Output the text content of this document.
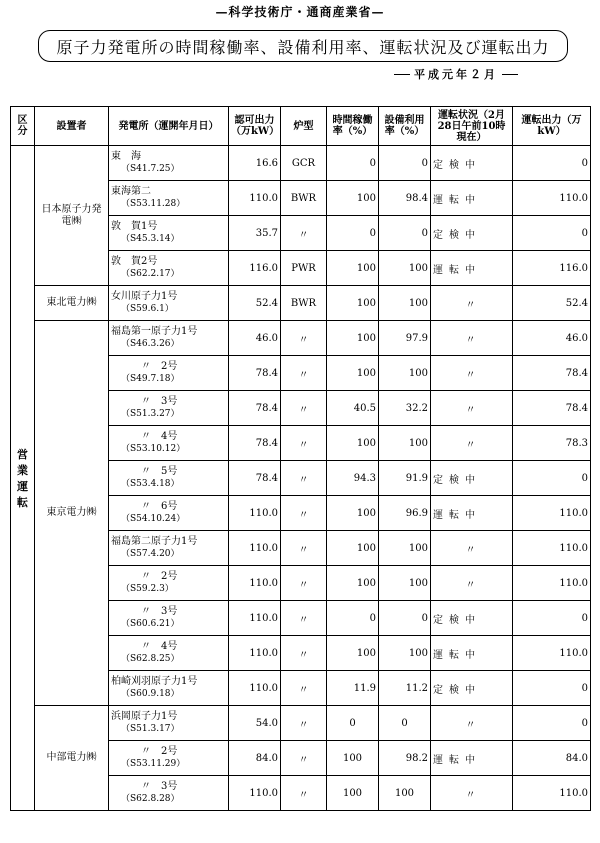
—科学技術庁・通商産業省—
原子力発電所の時間稼働率、設備利用率、運転状況及び運転出力
平成元年２月
区分	設置者	発電所（運開年月日）	認可出力（万kW）	炉型	時間稼働率（%）	設備利用率（%）	運転状況（2月28日午前10時現在）	運転出力（万kW）
営業運転	日本原子力発電㈱	東　海
（S41.7.25）	16.6	GCR	0	0	定検中	0
		東海第二
（S53.11.28）	110.0	BWR	100	98.4	運転中	110.0
		敦　賀1号
（S45.3.14）	35.7	〃	0	0	定検中	0
		敦　賀2号
（S62.2.17）	116.0	PWR	100	100	運転中	116.0
	東北電力㈱	女川原子力1号
（S59.6.1）	52.4	BWR	100	100	〃	52.4
	東京電力㈱	福島第一原子力1号
（S46.3.26）	46.0	〃	100	97.9	〃	46.0

		〃　2号
（S49.7.18）	78.4	〃	100	100	〃	78.4

		〃　3号
（S51.3.27）	78.4	〃	40.5	32.2	〃	78.4

		〃　4号
（S53.10.12）	78.4	〃	100	100	〃	78.3

		〃　5号
（S53.4.18）	78.4	〃	94.3	91.9	定検中	0

		〃　6号
（S54.10.24）	110.0	〃	100	96.9	運転中	110.0
		福島第二原子力1号
（S57.4.20）	110.0	〃	100	100	〃	110.0

		〃　2号
（S59.2.3）	110.0	〃	100	100	〃	110.0

		〃　3号
（S60.6.21）	110.0	〃	0	0	定検中	0

		〃　4号
（S62.8.25）	110.0	〃	100	100	運転中	110.0
		柏崎刈羽原子力1号
（S60.9.18）	110.0	〃	11.9	11.2	定検中	0
	中部電力㈱	浜岡原子力1号
（S51.3.17）	54.0	〃	0	0	〃	0

		〃　2号
（S53.11.29）	84.0	〃	100	98.2	運転中	84.0

		〃　3号
（S62.8.28）	110.0	〃	100	100	〃	110.0
